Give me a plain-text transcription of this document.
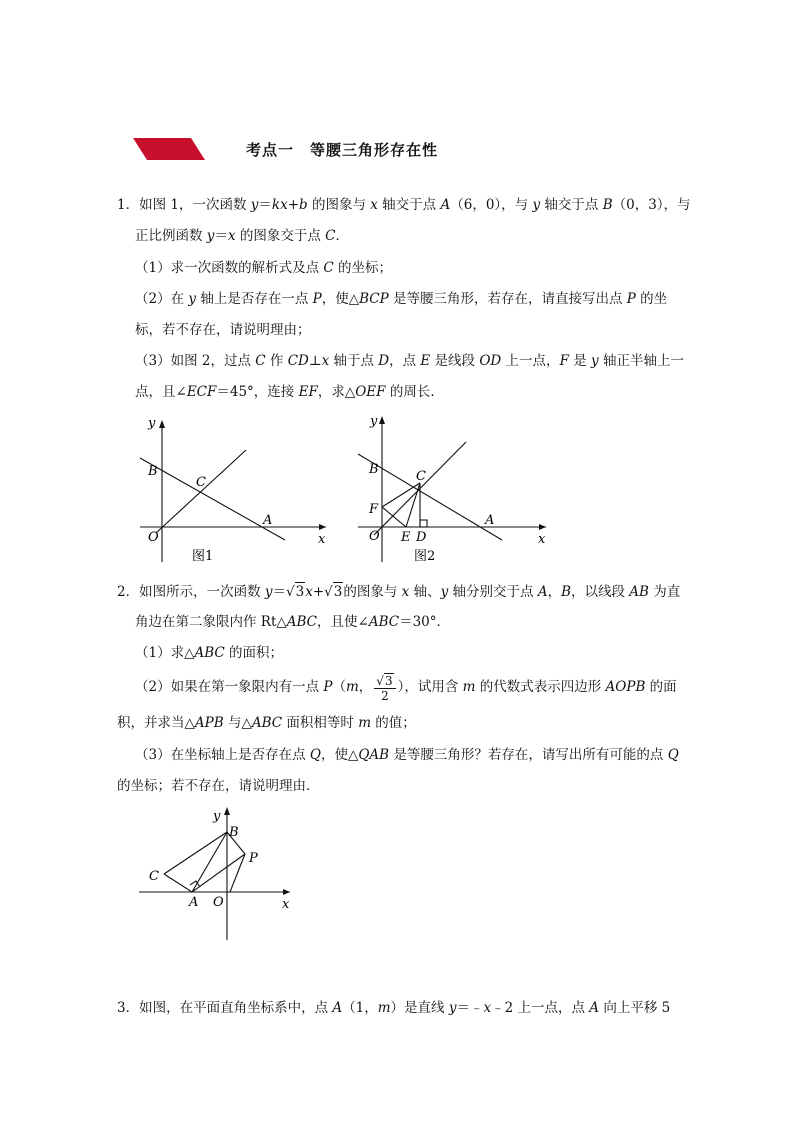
考点一　等腰三角形存在性
1．如图 1，一次函数 y＝kx+b 的图象与 x 轴交于点 A（6，0），与 y 轴交于点 B（0，3），与
正比例函数 y＝x 的图象交于点 C．
（1）求一次函数的解析式及点 C 的坐标；
（2）在 y 轴上是否存在一点 P，使△BCP 是等腰三角形，若存在，请直接写出点 P 的坐
标，若不存在，请说明理由；
（3）如图 2，过点 C 作 CD⊥x 轴于点 D，点 E 是线段 OD 上一点，F 是 y 轴正半轴上一
点，且∠ECF＝45°，连接 EF，求△OEF 的周长．
y
x
O
B
C
A
图1
y
x
O
B	C
A
F
E D
图2
2．如图所示，一次函数 y＝√3x+√3的图象与 x 轴、y 轴分别交于点 A，B，以线段 AB 为直
角边在第二象限内作 Rt△ABC，且使∠ABC＝30°．
（1）求△ABC 的面积；
（2）如果在第一象限内有一点 P（m， $\frac{√3}{2}$ ），试用含 m 的代数式表示四边形 AOPB 的面
积，并求当△APB 与△ABC 面积相等时 m 的值；
（3）在坐标轴上是否存在点 Q，使△QAB 是等腰三角形？若存在，请写出所有可能的点 Q
的坐标；若不存在，请说明理由．
y
x
B
P
C
A O
3．如图，在平面直角坐标系中，点 A（1，m）是直线 y＝﹣x﹣2 上一点，点 A 向上平移 5
